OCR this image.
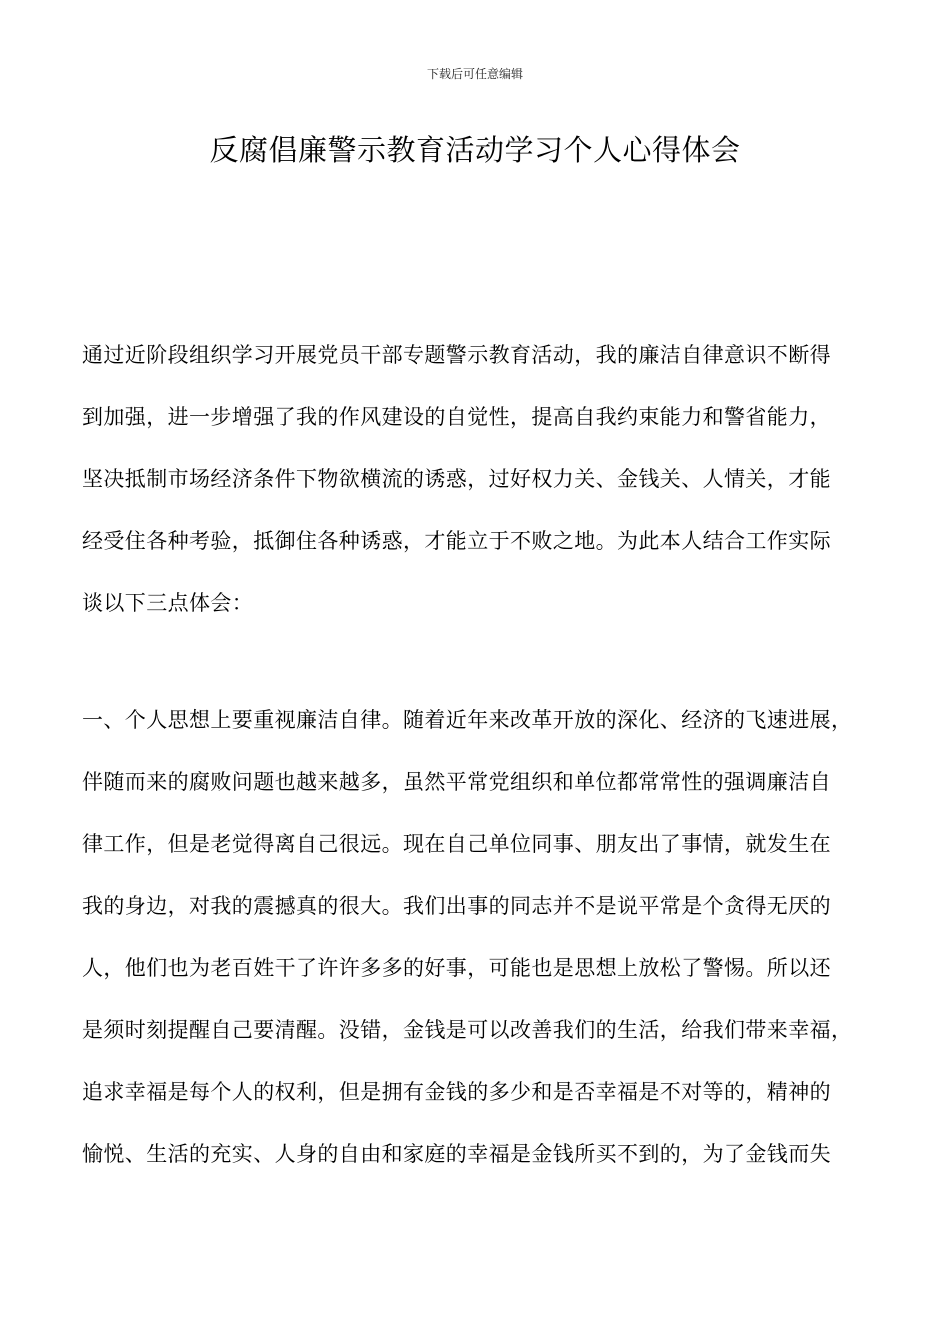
下载后可任意编辑
反腐倡廉警示教育活动学习个人心得体会
通过近阶段组织学习开展党员干部专题警示教育活动，我的廉洁自律意识不断得
到加强，进一步增强了我的作风建设的自觉性，提高自我约束能力和警省能力，
坚决抵制市场经济条件下物欲横流的诱惑，过好权力关、金钱关、人情关，才能
经受住各种考验，抵御住各种诱惑，才能立于不败之地。为此本人结合工作实际
谈以下三点体会：
一、个人思想上要重视廉洁自律。随着近年来改革开放的深化、经济的飞速进展，
伴随而来的腐败问题也越来越多，虽然平常党组织和单位都常常性的强调廉洁自
律工作，但是老觉得离自己很远。现在自己单位同事、朋友出了事情，就发生在
我的身边，对我的震撼真的很大。我们出事的同志并不是说平常是个贪得无厌的
人，他们也为老百姓干了许许多多的好事，可能也是思想上放松了警惕。所以还
是须时刻提醒自己要清醒。没错，金钱是可以改善我们的生活，给我们带来幸福，
追求幸福是每个人的权利，但是拥有金钱的多少和是否幸福是不对等的，精神的
愉悦、生活的充实、人身的自由和家庭的幸福是金钱所买不到的，为了金钱而失
